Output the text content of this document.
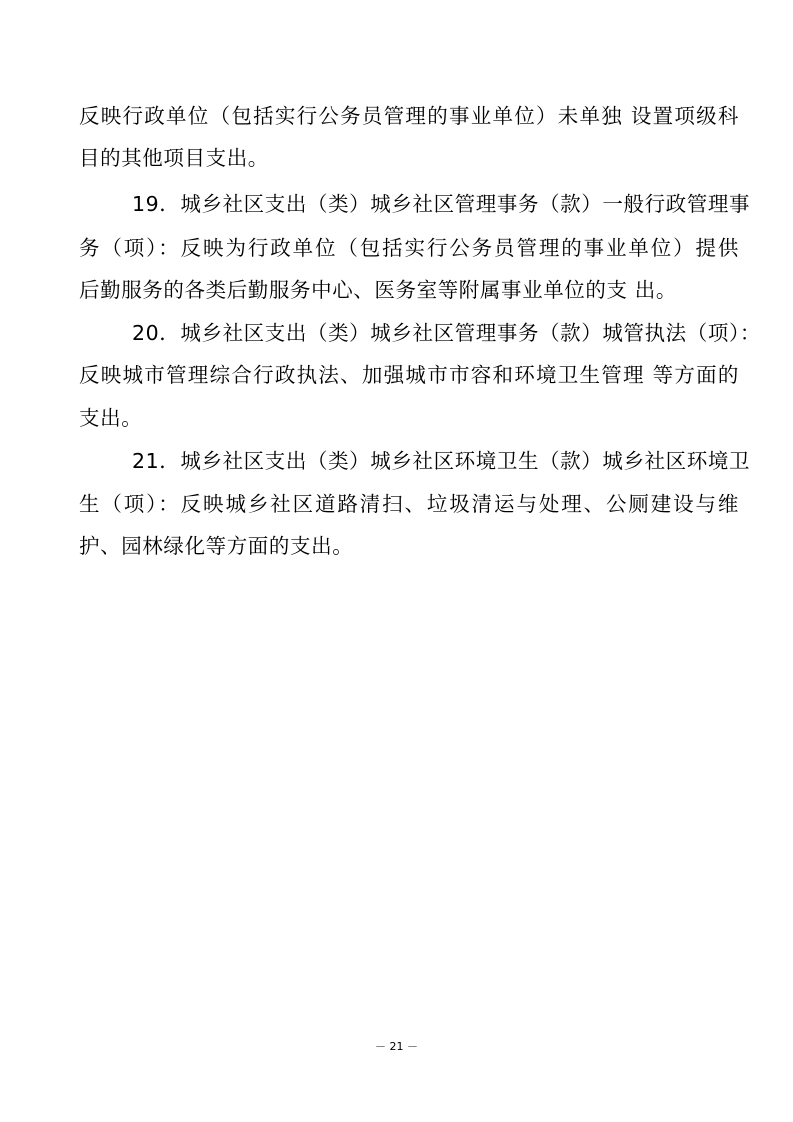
反映行政单位（包括实行公务员管理的事业单位）未单独 设置项级科
目的其他项目支出。
19．城乡社区支出（类）城乡社区管理事务（款）一般行政管理事
务（项）：反映为行政单位（包括实行公务员管理的事业单位）提供
后勤服务的各类后勤服务中心、医务室等附属事业单位的支 出。
20．城乡社区支出（类）城乡社区管理事务（款）城管执法（项）：
反映城市管理综合行政执法、加强城市市容和环境卫生管理 等方面的
支出。
21．城乡社区支出（类）城乡社区环境卫生（款）城乡社区环境卫
生（项）：反映城乡社区道路清扫、垃圾清运与处理、公厕建设与维
护、园林绿化等方面的支出。
－ 21 －
